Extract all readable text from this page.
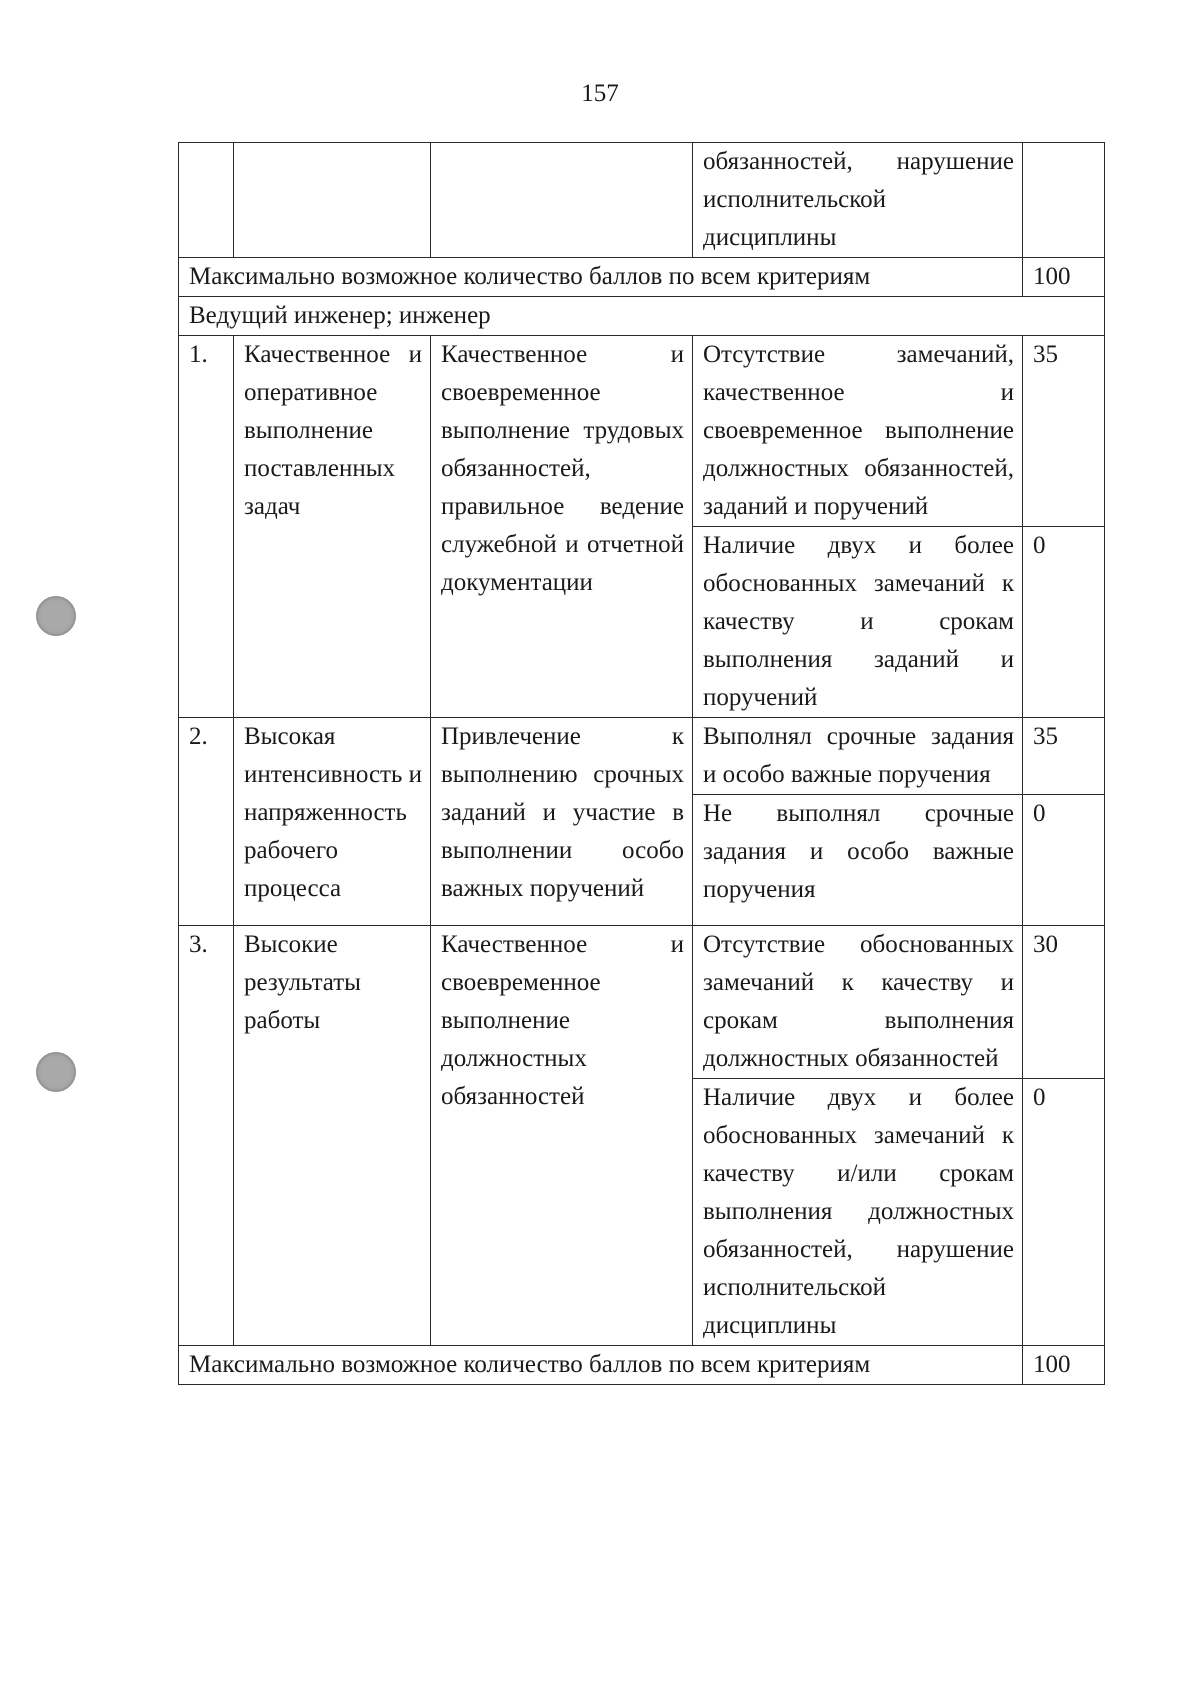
157
			обязанностей, нарушение исполнительской дисциплины	
Максимально возможное количество баллов по всем критериям				100
Ведущий инженер; инженер				
1.	Качественное и оперативное выполнение поставленных задач	Качественное и своевременное выполнение трудовых обязанностей, правильное ведение служебной и отчетной документации	Отсутствие замечаний, качественное и своевременное выполнение должностных обязанностей, заданий и поручений	35
			Наличие двух и более обоснованных замечаний к качеству и срокам выполнения заданий и поручений	0
2.	Высокая интенсивность и напряженность рабочего процесса	Привлечение к выполнению срочных заданий и участие в выполнении особо важных поручений	Выполнял срочные задания и особо важные поручения	35
			Не выполнял срочные задания и особо важные поручения	0
3.	Высокие результаты работы	Качественное и своевременное выполнение должностных обязанностей	Отсутствие обоснованных замечаний к качеству и срокам выполнения должностных обязанностей	30
			Наличие двух и более обоснованных замечаний к качеству и/или срокам выполнения должностных обязанностей, нарушение исполнительской дисциплины	0
Максимально возможное количество баллов по всем критериям				100
